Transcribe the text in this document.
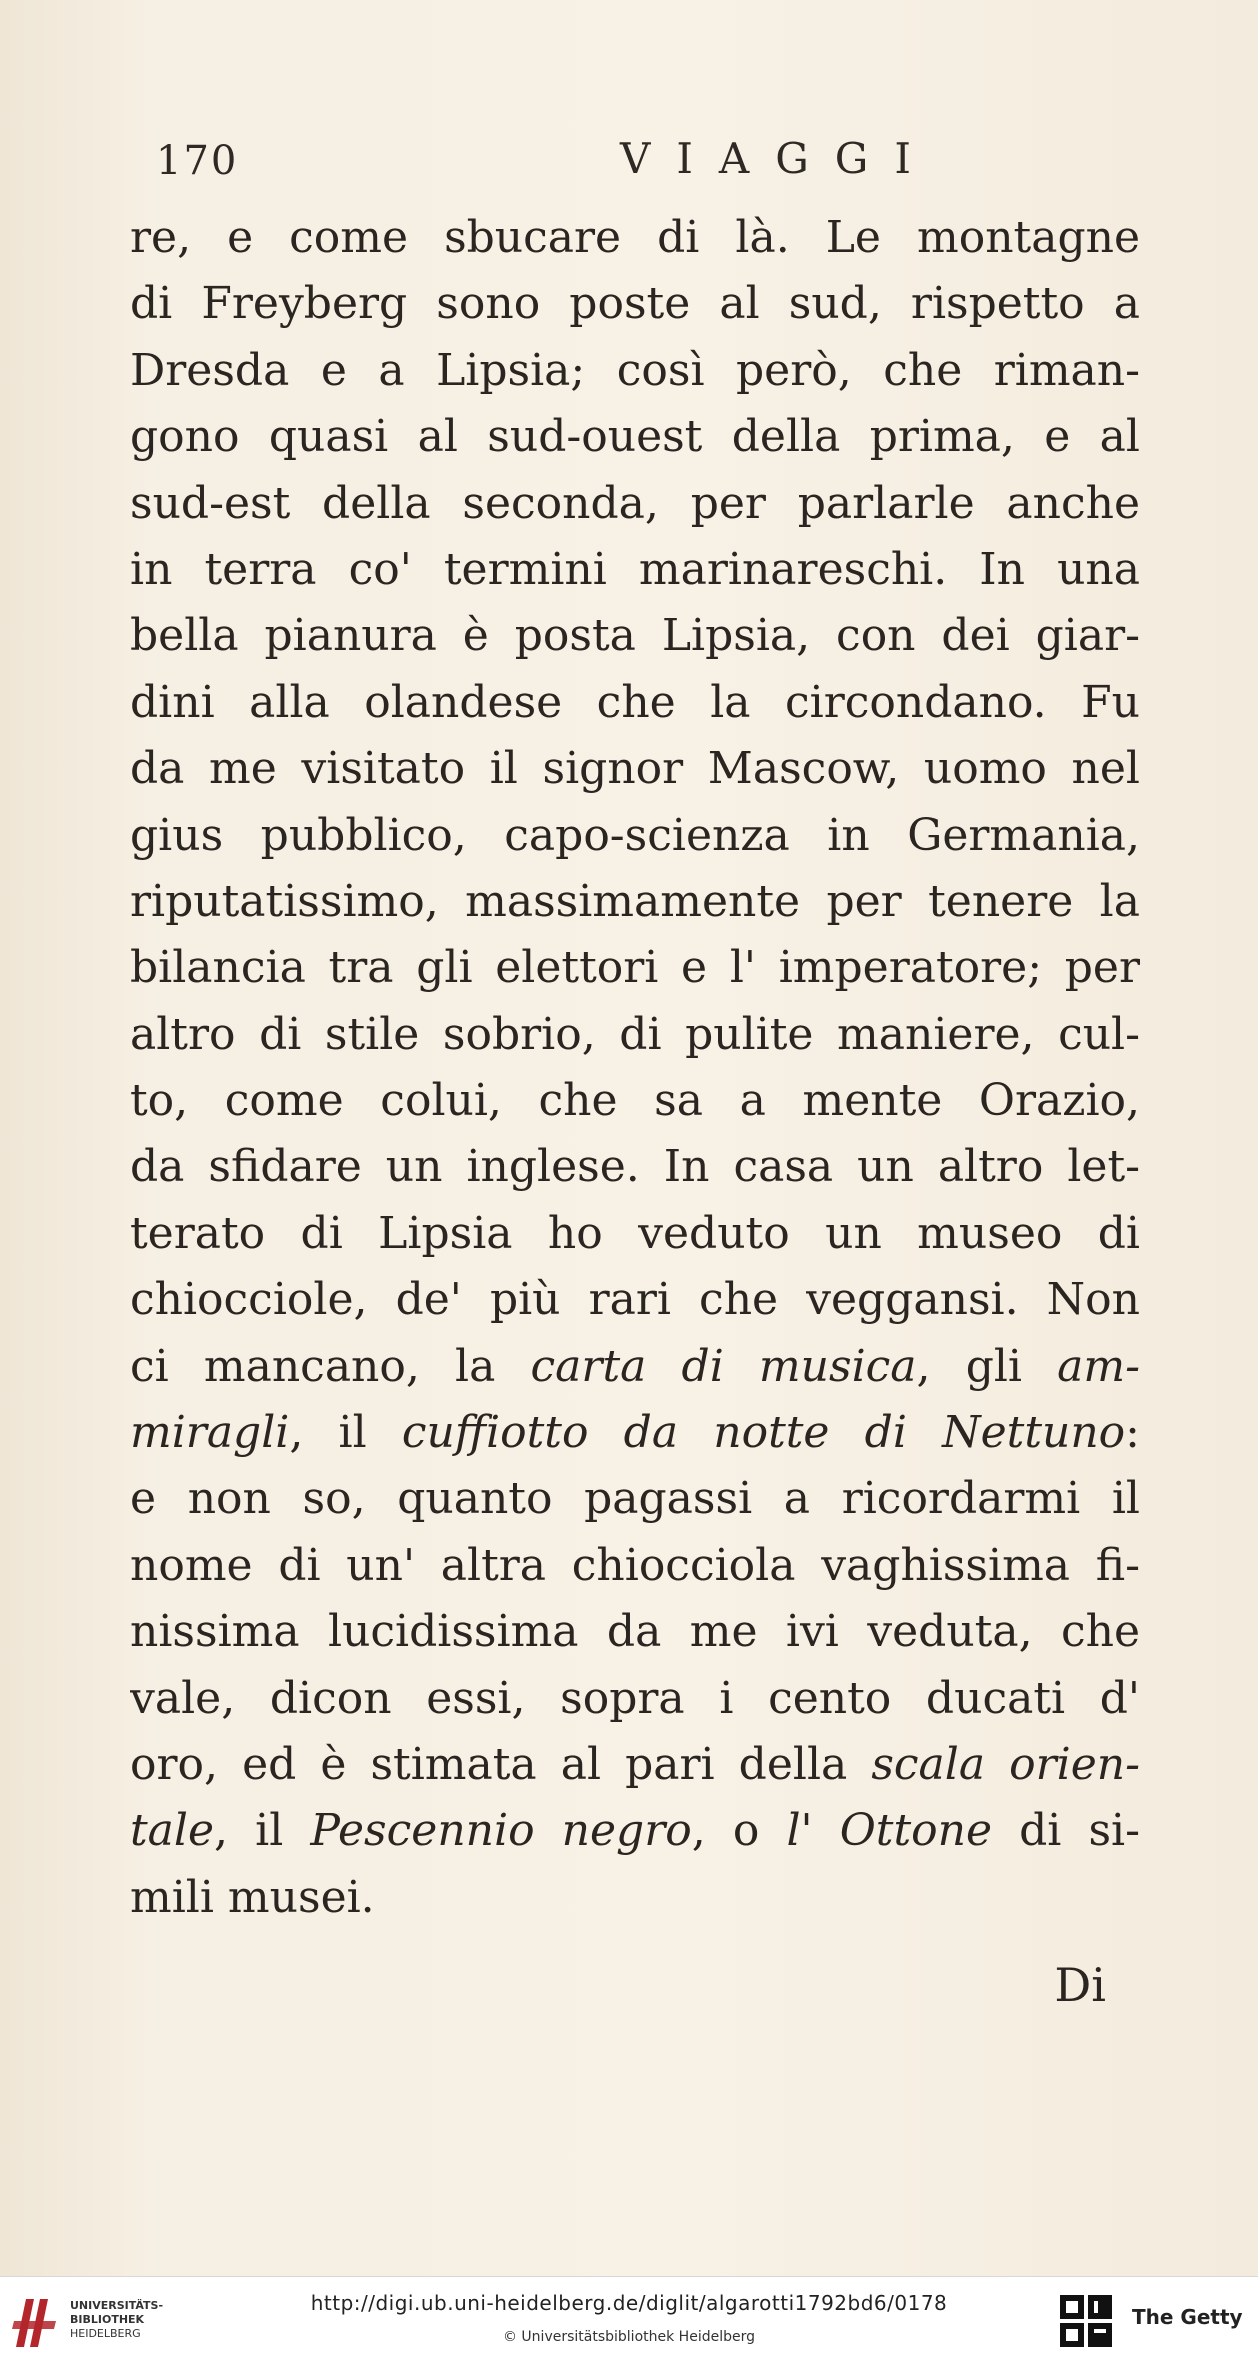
170	VIAGGI
re, e come sbucare di là. Le montagne
di Freyberg sono poste al sud, rispetto a
Dresda e a Lipsia; così però, che riman-
gono quasi al sud-ouest della prima, e al
sud-est della seconda, per parlarle anche
in terra co' termini marinareschi. In una
bella pianura è posta Lipsia, con dei giar-
dini alla olandese che la circondano. Fu
da me visitato il signor Mascow, uomo nel
gius pubblico, capo-scienza in Germania,
riputatissimo, massimamente per tenere la
bilancia tra gli elettori e l' imperatore; per
altro di stile sobrio, di pulite maniere, cul-
to, come colui, che sa a mente Orazio,
da sfidare un inglese. In casa un altro let-
terato di Lipsia ho veduto un museo di
chiocciole, de' più rari che veggansi. Non
ci mancano, la carta di musica, gli am-
miragli, il cuffiotto da notte di Nettuno:
e non so, quanto pagassi a ricordarmi il
nome di un' altra chiocciola vaghissima fi-
nissima lucidissima da me ivi veduta, che
vale, dicon essi, sopra i cento ducati d'
oro, ed è stimata al pari della scala orien-
tale, il Pescennio negro, o l' Ottone di si-
mili musei.
Di
UNIVERSITÄTS-
BIBLIOTHEK
HEIDELBERG
http://digi.ub.uni-heidelberg.de/diglit/algarotti1792bd6/0178
© Universitätsbibliothek Heidelberg
The Getty
